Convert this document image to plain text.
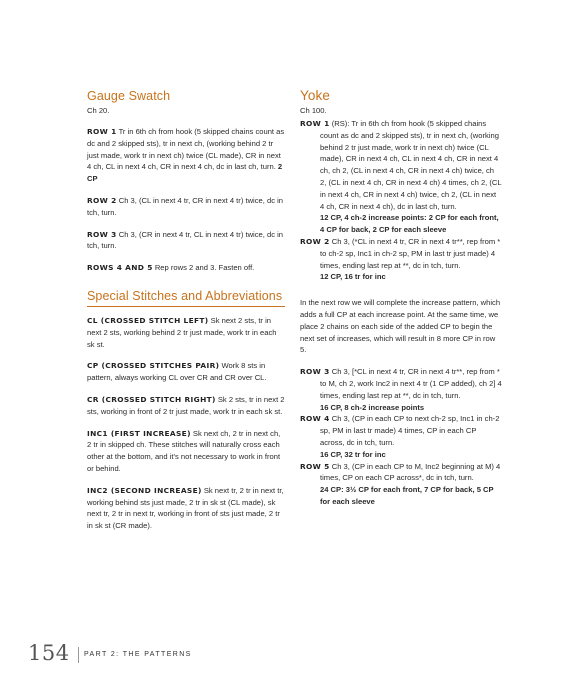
Gauge Swatch
Ch 20.

ROW 1 Tr in 6th ch from hook (5 skipped chains count as dc and 2 skipped sts), tr in next ch, (working behind 2 tr just made, work tr in next ch) twice (CL made), CR in next 4 ch, CL in next 4 ch, CR in next 4 ch, dc in last ch, turn. 2 CP

ROW 2 Ch 3, (CL in next 4 tr, CR in next 4 tr) twice, dc in tch, turn.

ROW 3 Ch 3, (CR in next 4 tr, CL in next 4 tr) twice, dc in tch, turn.

ROWS 4 AND 5 Rep rows 2 and 3. Fasten off.

Special Stitches and Abbreviations

CL (CROSSED STITCH LEFT) Sk next 2 sts, tr in next 2 sts, working behind 2 tr just made, work tr in each sk st.

CP (CROSSED STITCHES PAIR) Work 8 sts in pattern, always working CL over CR and CR over CL.

CR (CROSSED STITCH RIGHT) Sk 2 sts, tr in next 2 sts, working in front of 2 tr just made, work tr in each sk st.

INC1 (FIRST INCREASE) Sk next ch, 2 tr in next ch, 2 tr in skipped ch. These stitches will naturally cross each other at the bottom, and it's not necessary to work in front or behind.

INC2 (SECOND INCREASE) Sk next tr, 2 tr in next tr, working behind sts just made, 2 tr in sk st (CL made), sk next tr, 2 tr in next tr, working in front of sts just made, 2 tr in sk st (CR made).

Yoke
Ch 100.

ROW 1 (RS): Tr in 6th ch from hook (5 skipped chains count as dc and 2 skipped sts), tr in next ch, (working behind 2 tr just made, work tr in next ch) twice (CL made), CR in next 4 ch, CL in next 4 ch, CR in next 4 ch, ch 2, (CL in next 4 ch, CR in next 4 ch) twice, ch 2, (CL in next 4 ch, CR in next 4 ch) 4 times, ch 2, (CL in next 4 ch, CR in next 4 ch) twice, ch 2, (CL in next 4 ch, CR in next 4 ch), dc in last ch, turn.

12 CP, 4 ch-2 increase points: 2 CP for each front, 4 CP for back, 2 CP for each sleeve

ROW 2 Ch 3, (*CL in next 4 tr, CR in next 4 tr**, rep from * to ch-2 sp, Inc1 in ch-2 sp, PM in last tr just made) 4 times, ending last rep at **, dc in tch, turn.

12 CP, 16 tr for inc

In the next row we will complete the increase pattern, which adds a full CP at each increase point. At the same time, we place 2 chains on each side of the added CP to begin the next set of increases, which will result in 8 more CP in row 5.

ROW 3 Ch 3, [*CL in next 4 tr, CR in next 4 tr**, rep from * to M, ch 2, work Inc2 in next 4 tr (1 CP added), ch 2] 4 times, ending last rep at **, dc in tch, turn.

16 CP, 8 ch-2 increase points

ROW 4 Ch 3, (CP in each CP to next ch-2 sp, Inc1 in ch-2 sp, PM in last tr made) 4 times, CP in each CP across, dc in tch, turn.

16 CP, 32 tr for inc

ROW 5 Ch 3, (CP in each CP to M, Inc2 beginning at M) 4 times, CP on each CP across*, dc in tch, turn.

24 CP: 3½ CP for each front, 7 CP for back, 5 CP for each sleeve

154 PART 2: THE PATTERNS
